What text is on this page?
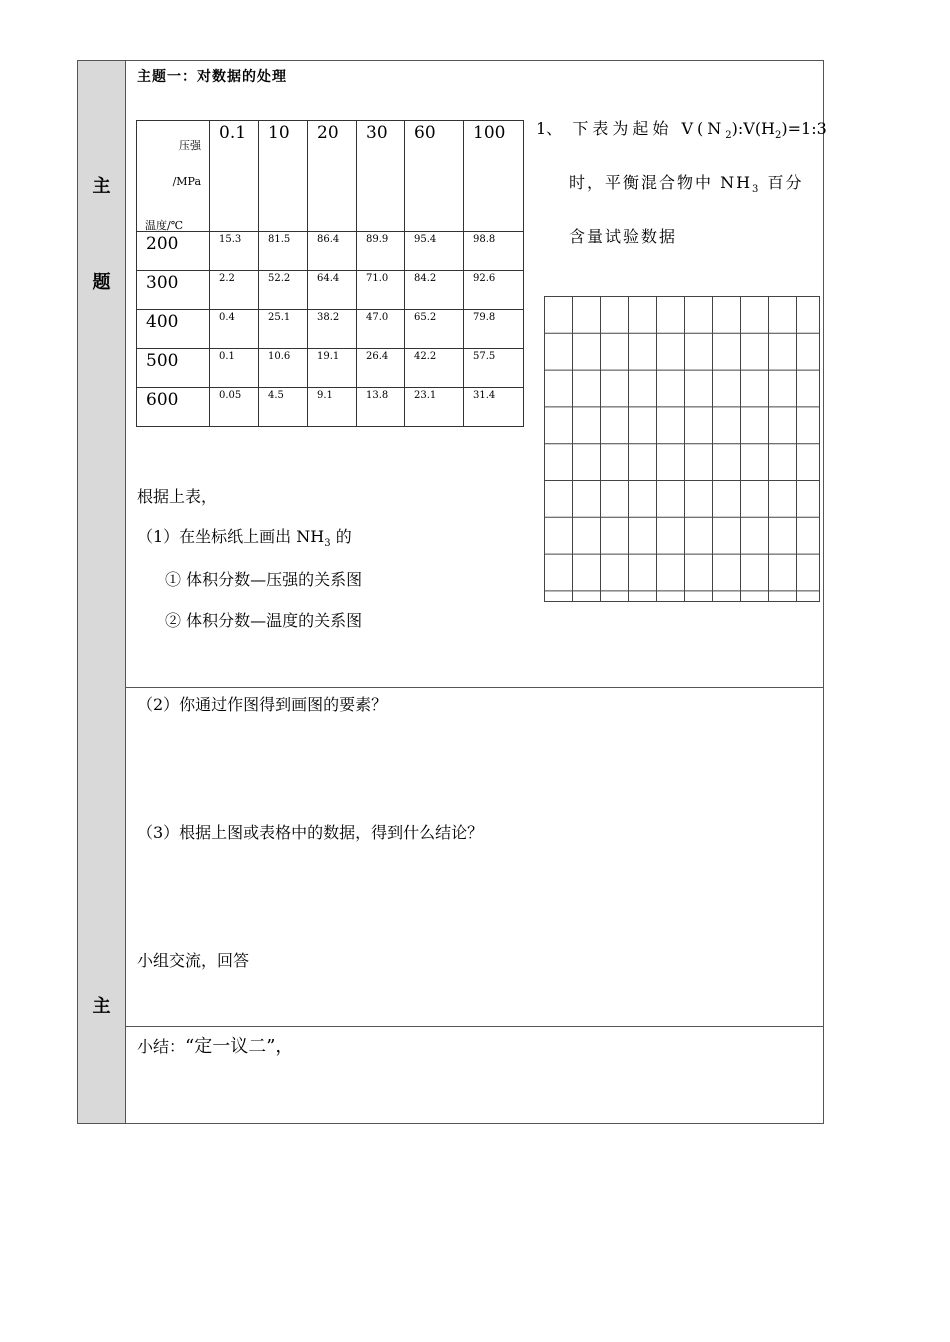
主
题
主
主题一：对数据的处理
压强
/MPa
温度/℃	0.1	10	20	30	60	100
200	15.3	81.5	86.4	89.9	95.4	98.8
300	2.2	52.2	64.4	71.0	84.2	92.6
400	0.4	25.1	38.2	47.0	65.2	79.8
500	0.1	10.6	19.1	26.4	42.2	57.5
600	0.05	4.5	9.1	13.8	23.1	31.4
1、 下表为起始 $V(N_2):V(H_2)=1:3$
时，平衡混合物中 $NH_3$ 百分
含量试验数据
根据上表，
（1）在坐标纸上画出 $NH_3$ 的
① 体积分数—压强的关系图
② 体积分数—温度的关系图
（2）你通过作图得到画图的要素？
（3）根据上图或表格中的数据，得到什么结论？
小组交流，回答
小结：“定一议二”，
